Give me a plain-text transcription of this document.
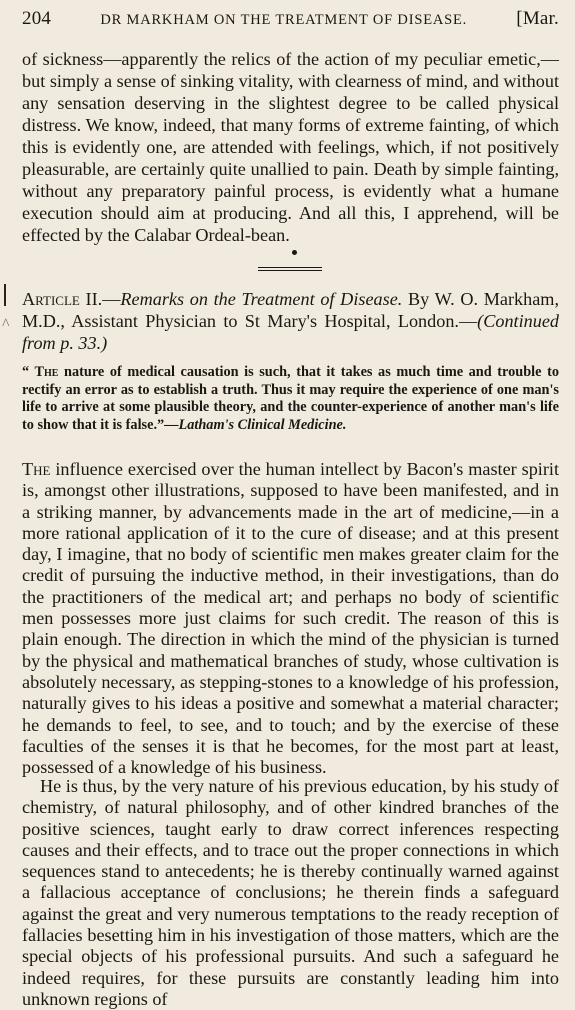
204	DR MARKHAM ON THE TREATMENT OF DISEASE.	[Mar.

of sickness—apparently the relics of the action of my peculiar emetic,—but simply a sense of sinking vitality, with clearness of mind, and without any sensation deserving in the slightest degree to be called physical distress. We know, indeed, that many forms of extreme fainting, of which this is evidently one, are attended with feelings, which, if not positively pleasurable, are certainly quite unallied to pain. Death by simple fainting, without any preparatory painful process, is evidently what a humane execution should aim at producing. And all this, I apprehend, will be effected by the Calabar Ordeal-bean.

Article II.—Remarks on the Treatment of Disease. By W. O. Markham, M.D., Assistant Physician to St Mary's Hospital, London.—(Continued from p. 33.)

“ The nature of medical causation is such, that it takes as much time and trouble to rectify an error as to establish a truth. Thus it may require the experience of one man's life to arrive at some plausible theory, and the counter-experience of another man's life to show that it is false.”—Latham's Clinical Medicine.

The influence exercised over the human intellect by Bacon's master spirit is, amongst other illustrations, supposed to have been manifested, and in a striking manner, by advancements made in the art of medicine,—in a more rational application of it to the cure of disease; and at this present day, I imagine, that no body of scientific men makes greater claim for the credit of pursuing the inductive method, in their investigations, than do the practitioners of the medical art; and perhaps no body of scientific men possesses more just claims for such credit. The reason of this is plain enough. The direction in which the mind of the physician is turned by the physical and mathematical branches of study, whose cultivation is absolutely necessary, as stepping-stones to a knowledge of his profession, naturally gives to his ideas a positive and somewhat a material character; he demands to feel, to see, and to touch; and by the exercise of these faculties of the senses it is that he becomes, for the most part at least, possessed of a knowledge of his business.

He is thus, by the very nature of his previous education, by his study of chemistry, of natural philosophy, and of other kindred branches of the positive sciences, taught early to draw correct inferences respecting causes and their effects, and to trace out the proper connections in which sequences stand to antecedents; he is thereby continually warned against a fallacious acceptance of conclusions; he therein finds a safeguard against the great and very numerous temptations to the ready reception of fallacies besetting him in his investigation of those matters, which are the special objects of his professional pursuits. And such a safeguard he indeed requires, for these pursuits are constantly leading him into unknown regions of

^
